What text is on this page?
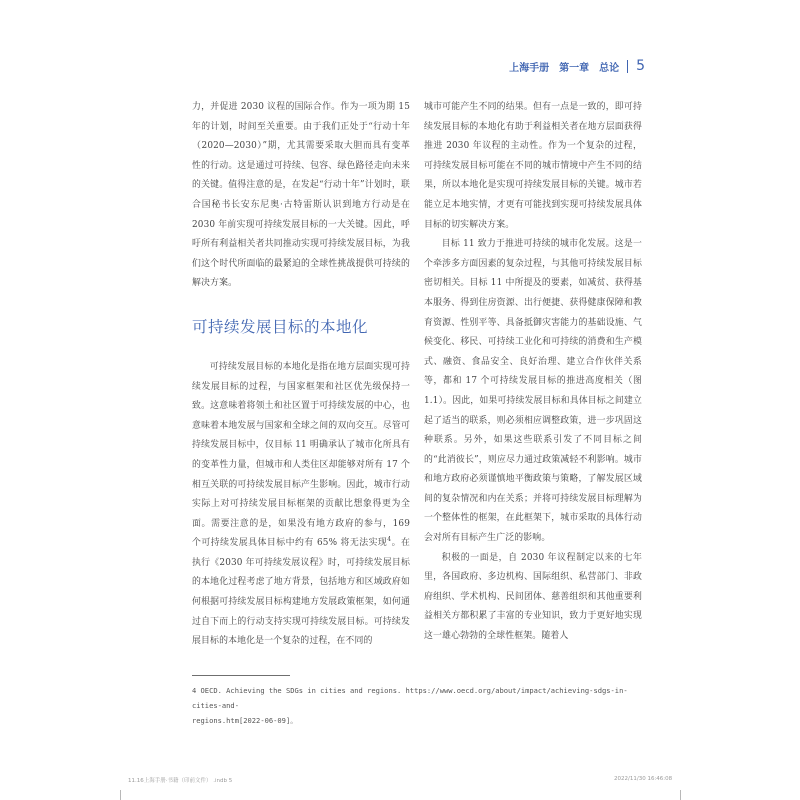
上海手册 第一章 总论 5

力，并促进 2030 议程的国际合作。作为一项为期 15 年的计划，时间至关重要。由于我们正处于“行动十年（2020—2030）”期，尤其需要采取大胆而具有变革性的行动。这是通过可持续、包容、绿色路径走向未来的关键。值得注意的是，在发起“行动十年”计划时，联合国秘书长安东尼奥·古特雷斯认识到地方行动是在 2030 年前实现可持续发展目标的一大关键。因此，呼吁所有利益相关者共同推动实现可持续发展目标，为我们这个时代所面临的最紧迫的全球性挑战提供可持续的解决方案。

可持续发展目标的本地化

可持续发展目标的本地化是指在地方层面实现可持续发展目标的过程，与国家框架和社区优先级保持一致。这意味着将领土和社区置于可持续发展的中心，也意味着本地发展与国家和全球之间的双向交互。尽管可持续发展目标中，仅目标 11 明确承认了城市化所具有的变革性力量，但城市和人类住区却能够对所有 17 个相互关联的可持续发展目标产生影响。因此，城市行动实际上对可持续发展目标框架的贡献比想象得更为全面。需要注意的是，如果没有地方政府的参与，169 个可持续发展具体目标中约有 65% 将无法实现$^4$。在执行《2030 年可持续发展议程》时，可持续发展目标的本地化过程考虑了地方背景，包括地方和区域政府如何根据可持续发展目标构建地方发展政策框架，如何通过自下而上的行动支持实现可持续发展目标。可持续发展目标的本地化是一个复杂的过程，在不同的

城市可能产生不同的结果。但有一点是一致的，即可持续发展目标的本地化有助于利益相关者在地方层面获得推进 2030 年议程的主动性。作为一个复杂的过程，可持续发展目标可能在不同的城市情境中产生不同的结果，所以本地化是实现可持续发展目标的关键。城市若能立足本地实情，才更有可能找到实现可持续发展具体目标的切实解决方案。

目标 11 致力于推进可持续的城市化发展。这是一个牵涉多方面因素的复杂过程，与其他可持续发展目标密切相关。目标 11 中所提及的要素，如减贫、获得基本服务、得到住房资源、出行便捷、获得健康保障和教育资源、性别平等、具备抵御灾害能力的基础设施、气候变化、移民、可持续工业化和可持续的消费和生产模式、融资、食品安全、良好治理、建立合作伙伴关系等，都和 17 个可持续发展目标的推进高度相关（图 1.1）。因此，如果可持续发展目标和具体目标之间建立起了适当的联系，则必须相应调整政策，进一步巩固这种联系。另外，如果这些联系引发了不同目标之间的“此消彼长”，则应尽力通过政策减轻不利影响。城市和地方政府必须谨慎地平衡政策与策略，了解发展区域间的复杂情况和内在关系；并将可持续发展目标理解为一个整体性的框架，在此框架下，城市采取的具体行动会对所有目标产生广泛的影响。

积极的一面是，自 2030 年议程制定以来的七年里，各国政府、多边机构、国际组织、私营部门、非政府组织、学术机构、民间团体、慈善组织和其他重要利益相关方都积累了丰富的专业知识，致力于更好地实现这一雄心勃勃的全球性框架。随着人

4 OECD. Achieving the SDGs in cities and regions. https://www.oecd.org/about/impact/achieving-sdgs-in-cities-and-
regions.htm[2022-06-09]。
11.16上海手册·书籍（印前文件） .indb 5	2022/11/30 16:46:08
